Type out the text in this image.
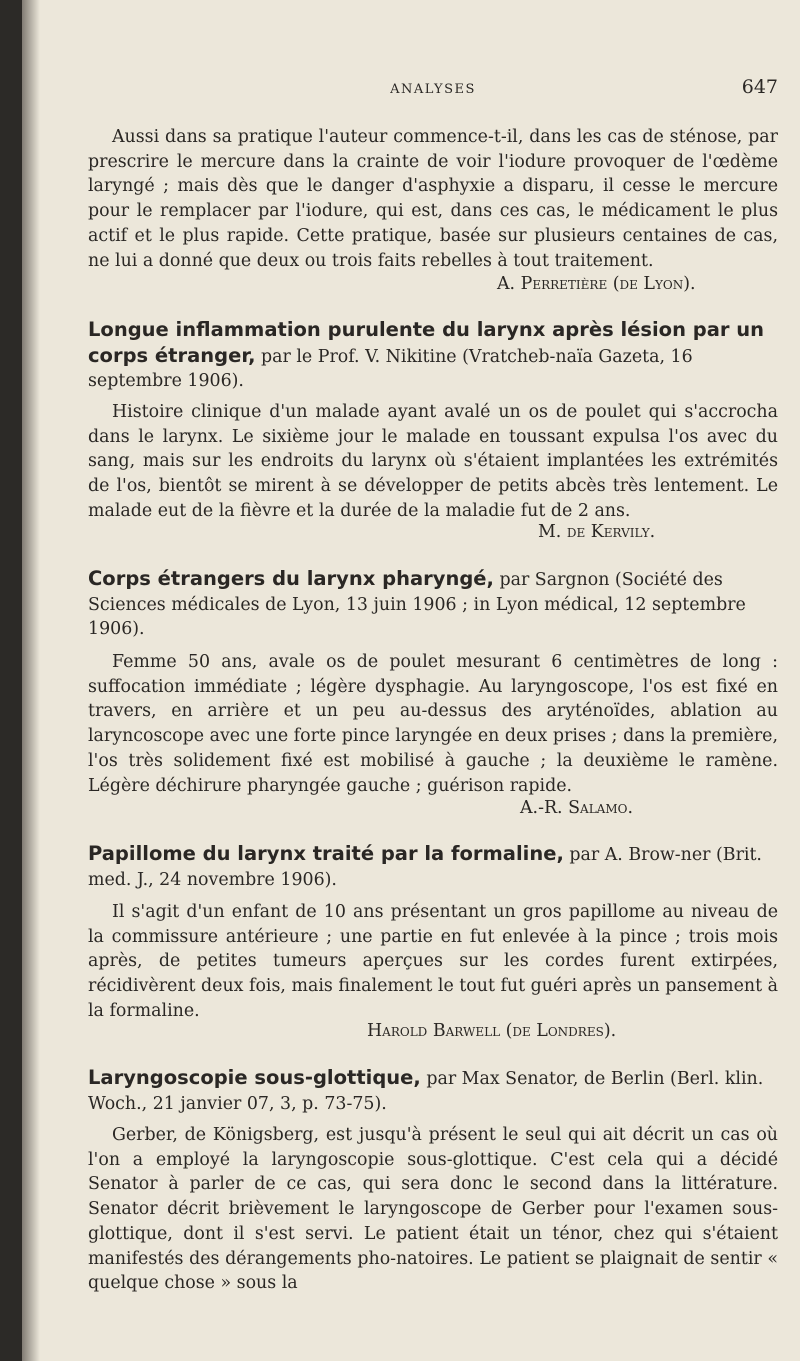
ANALYSES	647

Aussi dans sa pratique l'auteur commence-t-il, dans les cas de sténose, par prescrire le mercure dans la crainte de voir l'iodure provoquer de l'œdème laryngé ; mais dès que le danger d'asphyxie a disparu, il cesse le mercure pour le remplacer par l'iodure, qui est, dans ces cas, le médicament le plus actif et le plus rapide. Cette pratique, basée sur plusieurs centaines de cas, ne lui a donné que deux ou trois faits rebelles à tout traitement.

A. Perretière (de Lyon).

Longue inflammation purulente du larynx après lésion par un corps étranger, par le Prof. V. Nikitine (Vratcheb-naïa Gazeta, 16 septembre 1906).

Histoire clinique d'un malade ayant avalé un os de poulet qui s'accrocha dans le larynx. Le sixième jour le malade en toussant expulsa l'os avec du sang, mais sur les endroits du larynx où s'étaient implantées les extrémités de l'os, bientôt se mirent à se développer de petits abcès très lentement. Le malade eut de la fièvre et la durée de la maladie fut de 2 ans.

M. de Kervily.

Corps étrangers du larynx pharyngé, par Sargnon (Société des Sciences médicales de Lyon, 13 juin 1906 ; in Lyon médical, 12 septembre 1906).

Femme 50 ans, avale os de poulet mesurant 6 centimètres de long : suffocation immédiate ; légère dysphagie. Au laryngoscope, l'os est fixé en travers, en arrière et un peu au-dessus des aryténoïdes, ablation au laryncoscope avec une forte pince laryngée en deux prises ; dans la première, l'os très solidement fixé est mobilisé à gauche ; la deuxième le ramène. Légère déchirure pharyngée gauche ; guérison rapide.

A.-R. Salamo.

Papillome du larynx traité par la formaline, par A. Brow-ner (Brit. med. J., 24 novembre 1906).

Il s'agit d'un enfant de 10 ans présentant un gros papillome au niveau de la commissure antérieure ; une partie en fut enlevée à la pince ; trois mois après, de petites tumeurs aperçues sur les cordes furent extirpées, récidivèrent deux fois, mais finalement le tout fut guéri après un pansement à la formaline.

Harold Barwell (de Londres).

Laryngoscopie sous-glottique, par Max Senator, de Berlin (Berl. klin. Woch., 21 janvier 07, 3, p. 73-75).

Gerber, de Königsberg, est jusqu'à présent le seul qui ait décrit un cas où l'on a employé la laryngoscopie sous-glottique. C'est cela qui a décidé Senator à parler de ce cas, qui sera donc le second dans la littérature. Senator décrit brièvement le laryngoscope de Gerber pour l'examen sous-glottique, dont il s'est servi. Le patient était un ténor, chez qui s'étaient manifestés des dérangements pho-natoires. Le patient se plaignait de sentir « quelque chose » sous la
